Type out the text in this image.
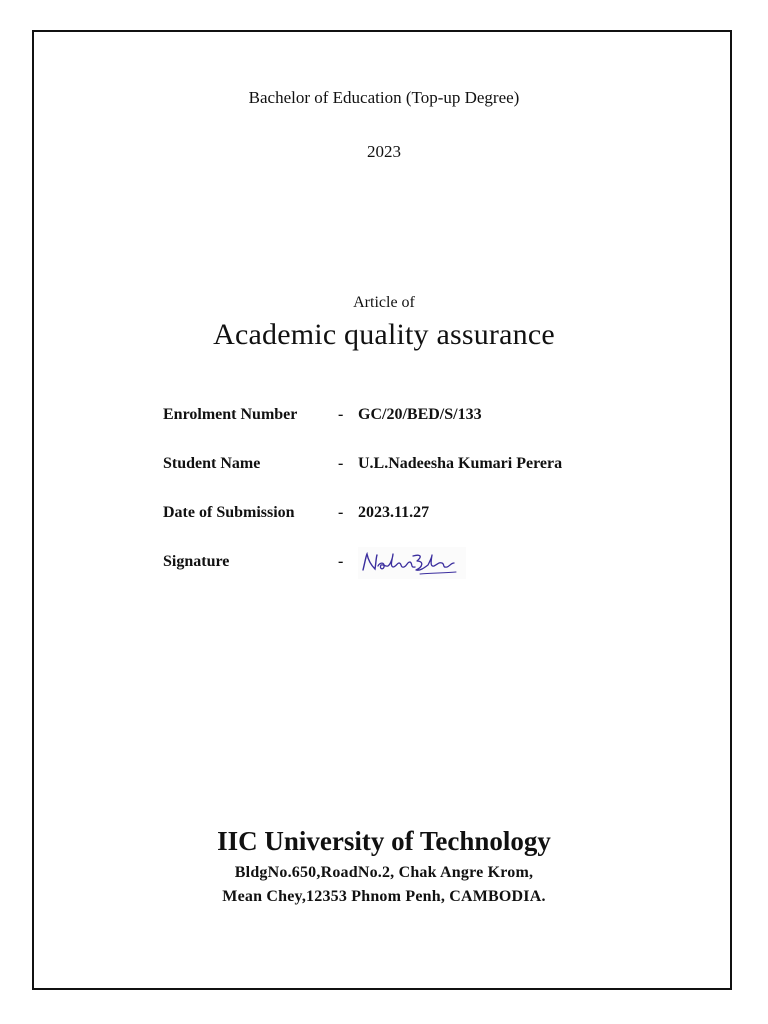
Bachelor of Education (Top-up Degree)
2023
Article of
Academic quality assurance
Enrolment Number	- GC/20/BED/S/133
Student Name	- U.L.Nadeesha Kumari Perera
Date of Submission	- 2023.11.27
Signature	-
IIC University of Technology
BldgNo.650,RoadNo.2, Chak Angre Krom,
Mean Chey,12353 Phnom Penh, CAMBODIA.
